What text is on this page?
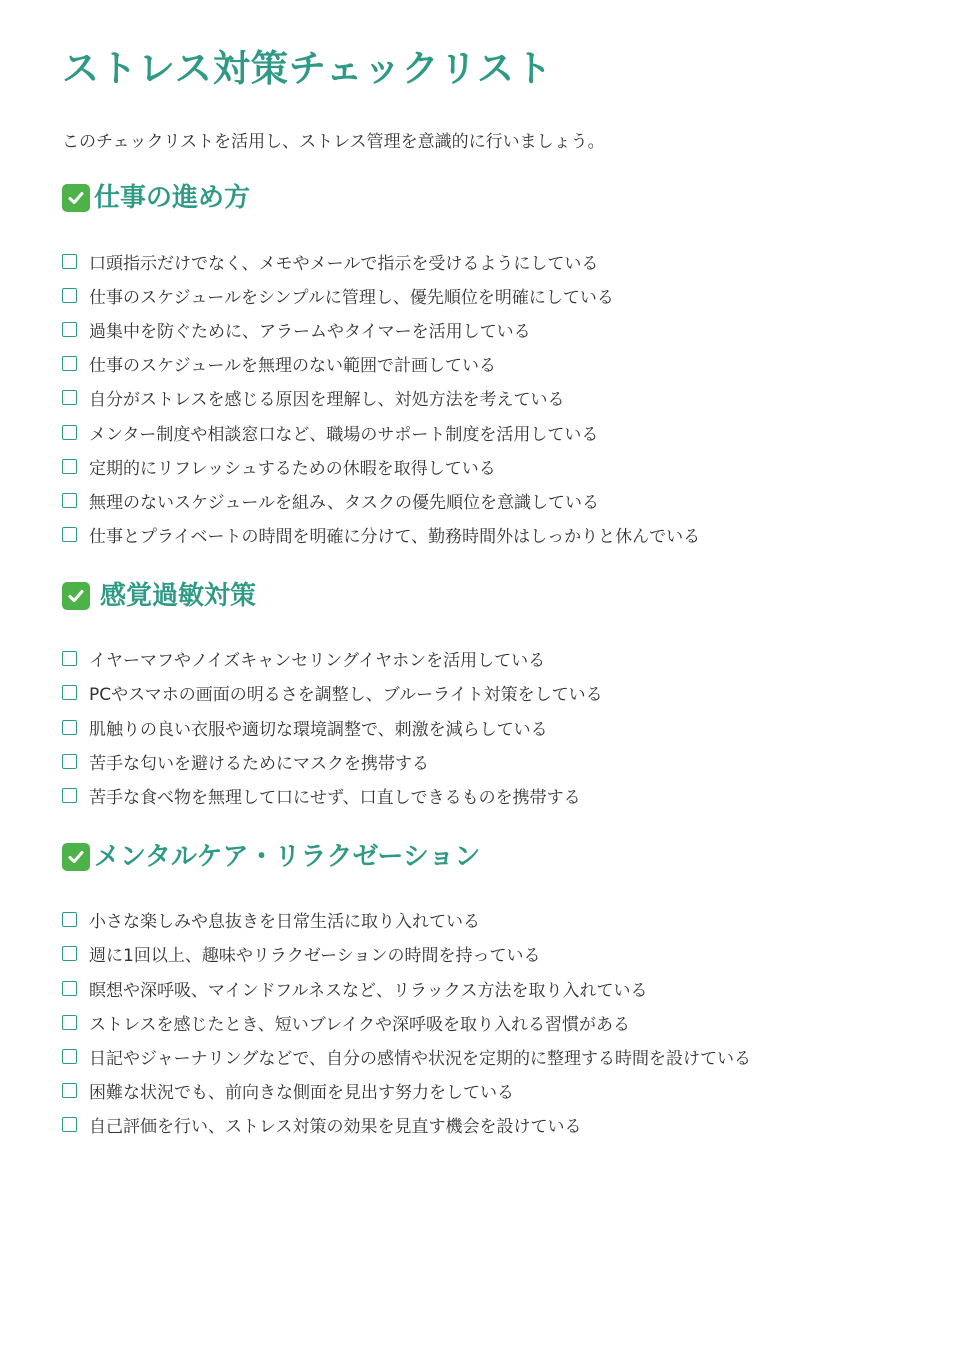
ストレス対策チェックリスト

このチェックリストを活用し、ストレス管理を意識的に行いましょう。

仕事の進め方
口頭指示だけでなく、メモやメールで指示を受けるようにしている
仕事のスケジュールをシンプルに管理し、優先順位を明確にしている
過集中を防ぐために、アラームやタイマーを活用している
仕事のスケジュールを無理のない範囲で計画している
自分がストレスを感じる原因を理解し、対処方法を考えている
メンター制度や相談窓口など、職場のサポート制度を活用している
定期的にリフレッシュするための休暇を取得している
無理のないスケジュールを組み、タスクの優先順位を意識している
仕事とプライベートの時間を明確に分けて、勤務時間外はしっかりと休んでいる
感覚過敏対策
イヤーマフやノイズキャンセリングイヤホンを活用している
PCやスマホの画面の明るさを調整し、ブルーライト対策をしている
肌触りの良い衣服や適切な環境調整で、刺激を減らしている
苦手な匂いを避けるためにマスクを携帯する
苦手な食べ物を無理して口にせず、口直しできるものを携帯する
メンタルケア・リラクゼーション
小さな楽しみや息抜きを日常生活に取り入れている
週に1回以上、趣味やリラクゼーションの時間を持っている
瞑想や深呼吸、マインドフルネスなど、リラックス方法を取り入れている
ストレスを感じたとき、短いブレイクや深呼吸を取り入れる習慣がある
日記やジャーナリングなどで、自分の感情や状況を定期的に整理する時間を設けている
困難な状況でも、前向きな側面を見出す努力をしている
自己評価を行い、ストレス対策の効果を見直す機会を設けている
